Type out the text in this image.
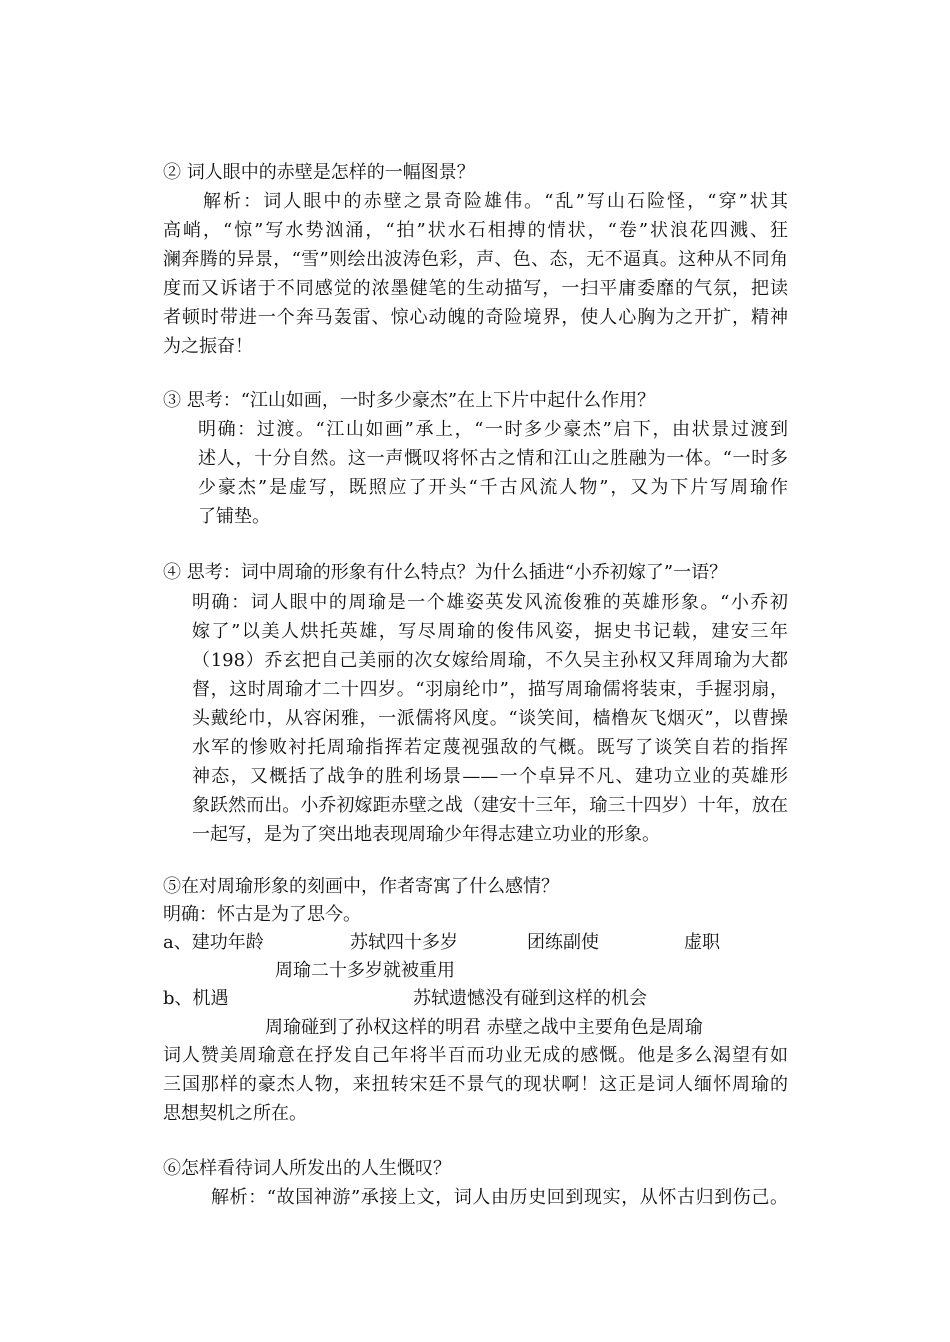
② 词人眼中的赤壁是怎样的一幅图景？

解析：词人眼中的赤壁之景奇险雄伟。“乱”写山石险怪，“穿”状其

高峭，“惊”写水势汹涌，“拍”状水石相搏的情状，“卷”状浪花四溅、狂

澜奔腾的异景，“雪”则绘出波涛色彩，声、色、态，无不逼真。这种从不同角

度而又诉诸于不同感觉的浓墨健笔的生动描写，一扫平庸委靡的气氛，把读

者顿时带进一个奔马轰雷、惊心动魄的奇险境界，使人心胸为之开扩，精神

为之振奋！

③ 思考：“江山如画，一时多少豪杰”在上下片中起什么作用？

明确：过渡。“江山如画”承上，“一时多少豪杰”启下，由状景过渡到

述人，十分自然。这一声慨叹将怀古之情和江山之胜融为一体。“一时多

少豪杰”是虚写，既照应了开头“千古风流人物”，又为下片写周瑜作

了铺垫。

④ 思考：词中周瑜的形象有什么特点？为什么插进“小乔初嫁了”一语？

明确：词人眼中的周瑜是一个雄姿英发风流俊雅的英雄形象。“小乔初

嫁了”以美人烘托英雄，写尽周瑜的俊伟风姿，据史书记载，建安三年

（198）乔玄把自己美丽的次女嫁给周瑜，不久吴主孙权又拜周瑜为大都

督，这时周瑜才二十四岁。“羽扇纶巾”，描写周瑜儒将装束，手握羽扇，

头戴纶巾，从容闲雅，一派儒将风度。“谈笑间，樯橹灰飞烟灭”，以曹操

水军的惨败衬托周瑜指挥若定蔑视强敌的气概。既写了谈笑自若的指挥

神态，又概括了战争的胜利场景——一个卓异不凡、建功立业的英雄形

象跃然而出。小乔初嫁距赤壁之战（建安十三年，瑜三十四岁）十年，放在

一起写，是为了突出地表现周瑜少年得志建立功业的形象。

⑤在对周瑜形象的刻画中，作者寄寓了什么感情？
明确：怀古是为了思今。
a、建功年龄	苏轼四十多岁	团练副使	虚职
周瑜二十多岁就被重用
b、机遇	苏轼遗憾没有碰到这样的机会
周瑜碰到了孙权这样的明君 赤壁之战中主要角色是周瑜

词人赞美周瑜意在抒发自己年将半百而功业无成的感慨。他是多么渴望有如

三国那样的豪杰人物，来扭转宋廷不景气的现状啊！这正是词人缅怀周瑜的

思想契机之所在。

⑥怎样看待词人所发出的人生慨叹？

解析：“故国神游”承接上文，词人由历史回到现实，从怀古归到伤己。
